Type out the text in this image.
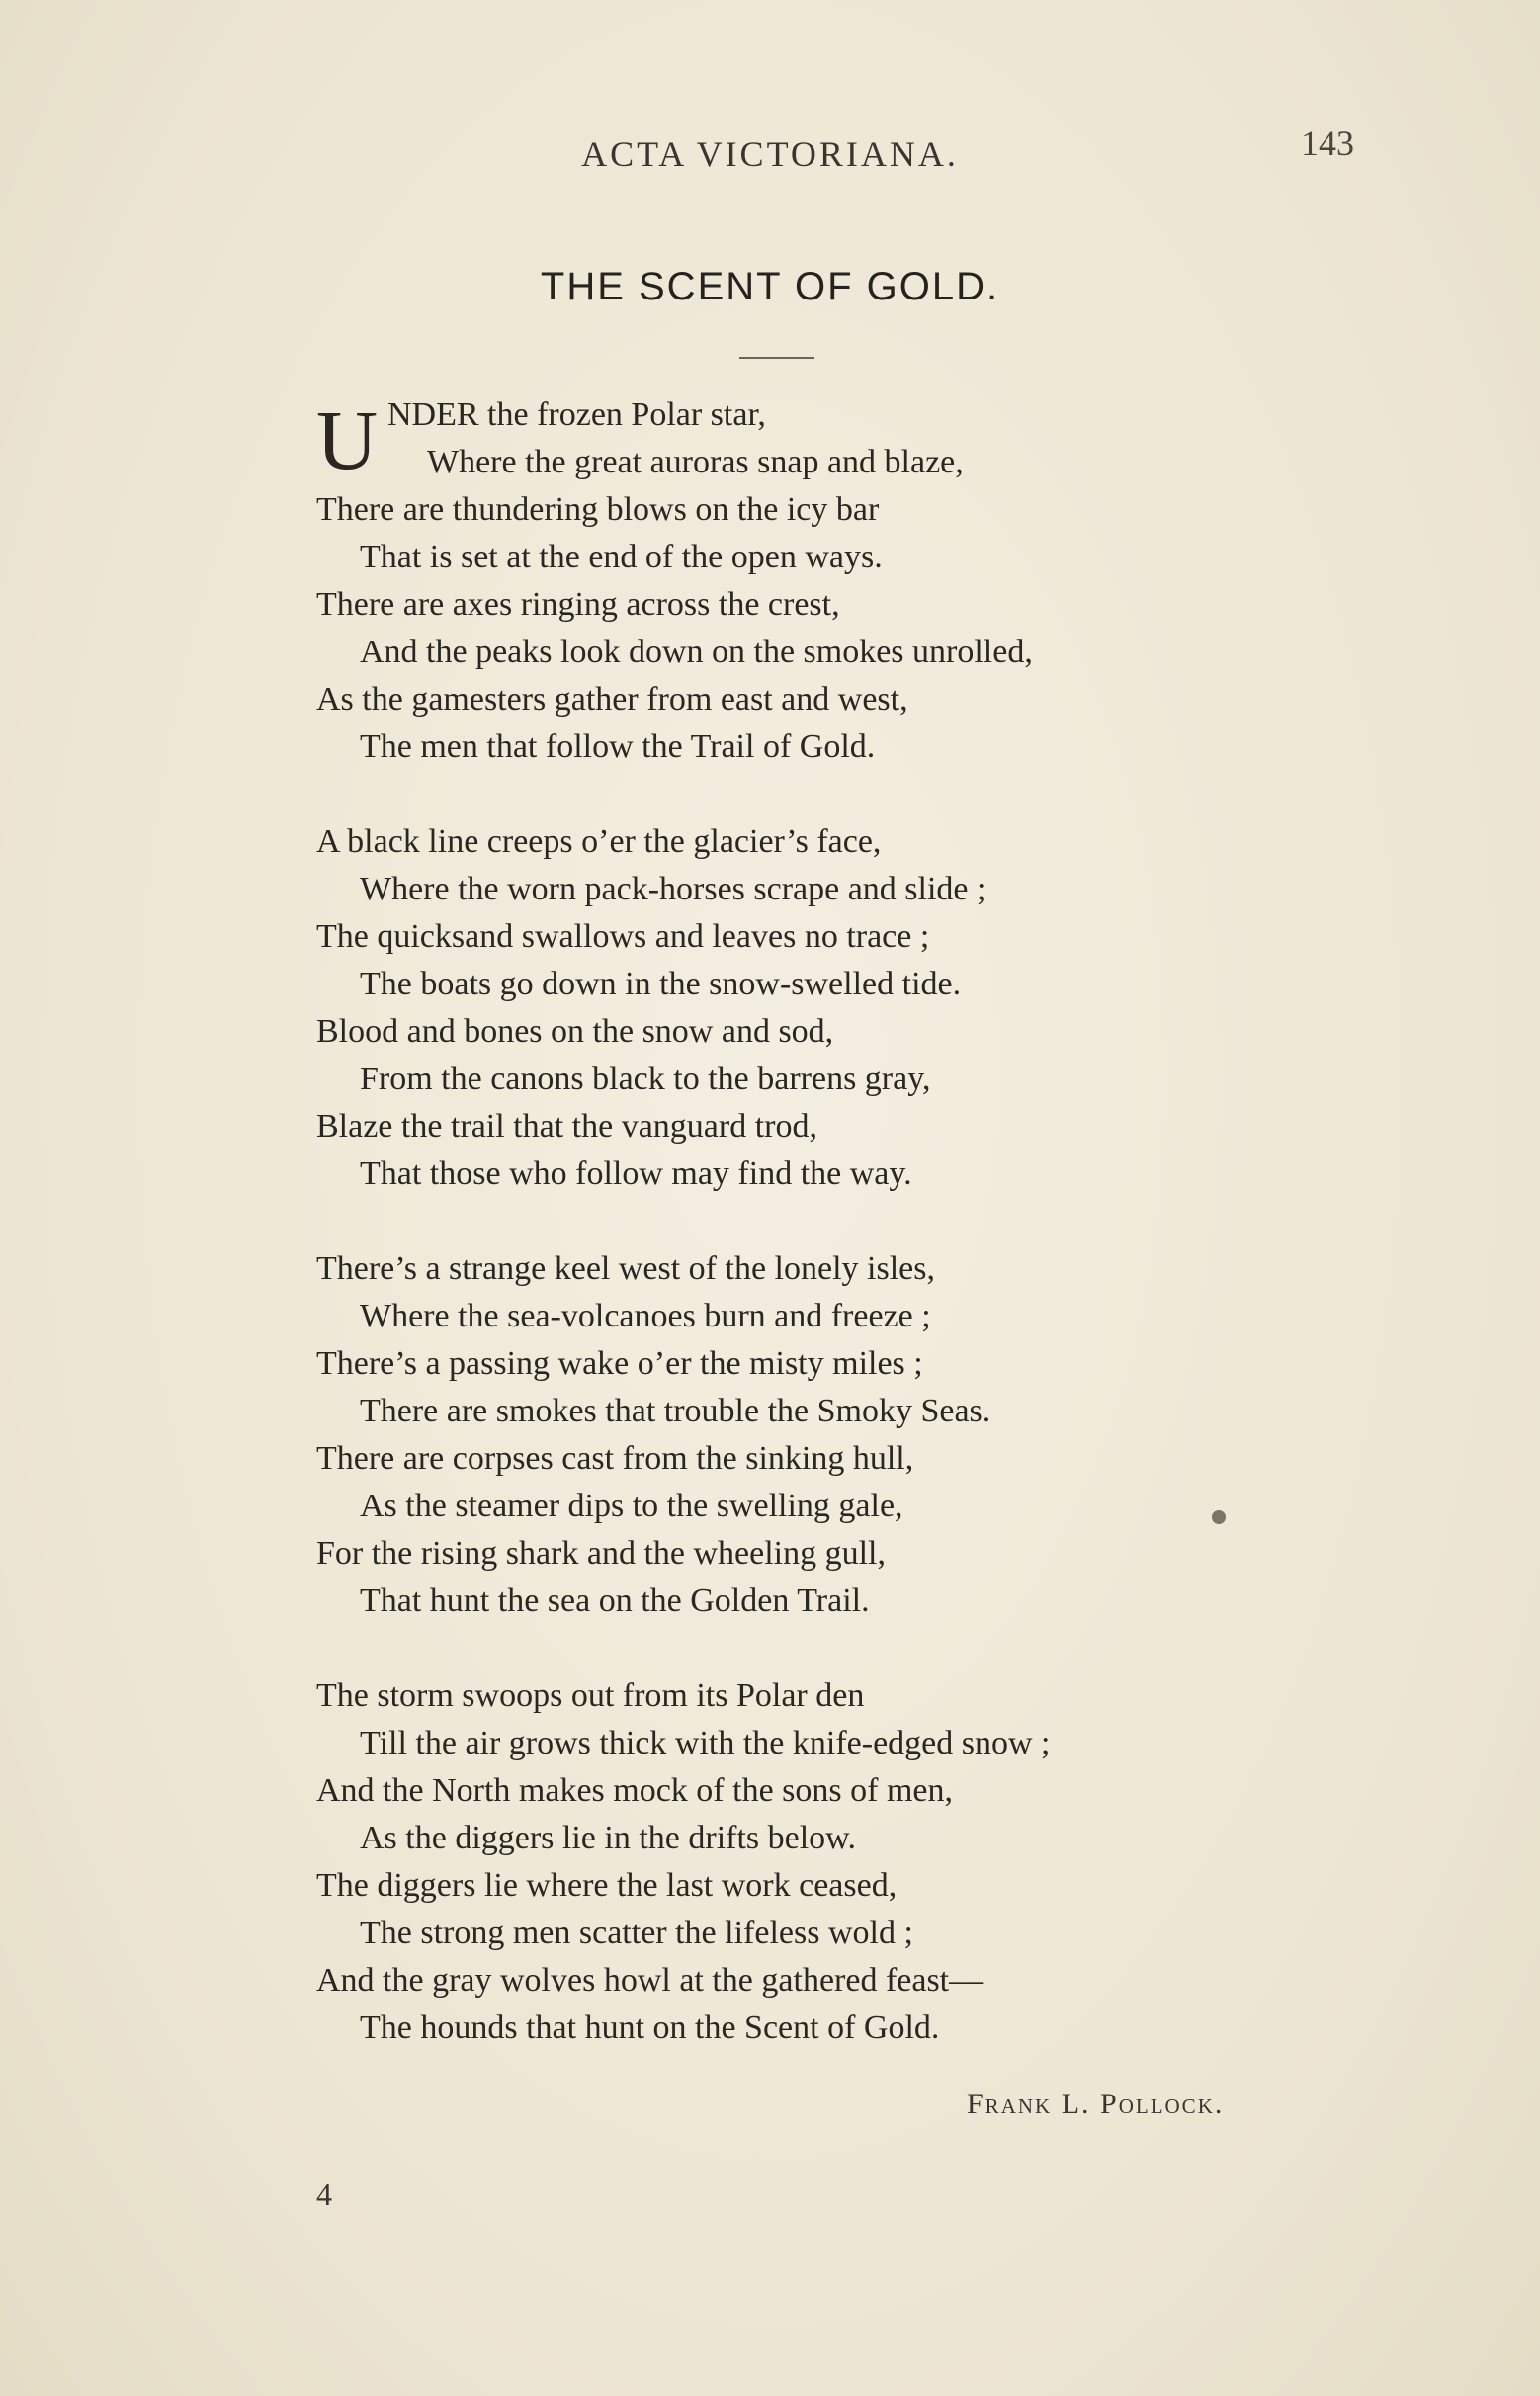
ACTA VICTORIANA.	143
THE SCENT OF GOLD.
U NDER the frozen Polar star,
Where the great auroras snap and blaze,
There are thundering blows on the icy bar
That is set at the end of the open ways.
There are axes ringing across the crest,
And the peaks look down on the smokes unrolled,
As the gamesters gather from east and west,
The men that follow the Trail of Gold.
A black line creeps o’er the glacier’s face,
Where the worn pack-horses scrape and slide ;
The quicksand swallows and leaves no trace ;
The boats go down in the snow-swelled tide.
Blood and bones on the snow and sod,
From the canons black to the barrens gray,
Blaze the trail that the vanguard trod,
That those who follow may find the way.
There’s a strange keel west of the lonely isles,
Where the sea-volcanoes burn and freeze ;
There’s a passing wake o’er the misty miles ;
There are smokes that trouble the Smoky Seas.
There are corpses cast from the sinking hull,
As the steamer dips to the swelling gale,
For the rising shark and the wheeling gull,
That hunt the sea on the Golden Trail.
The storm swoops out from its Polar den
Till the air grows thick with the knife-edged snow ;
And the North makes mock of the sons of men,
As the diggers lie in the drifts below.
The diggers lie where the last work ceased,
The strong men scatter the lifeless wold ;
And the gray wolves howl at the gathered feast—
The hounds that hunt on the Scent of Gold.
Frank L. Pollock.
4
